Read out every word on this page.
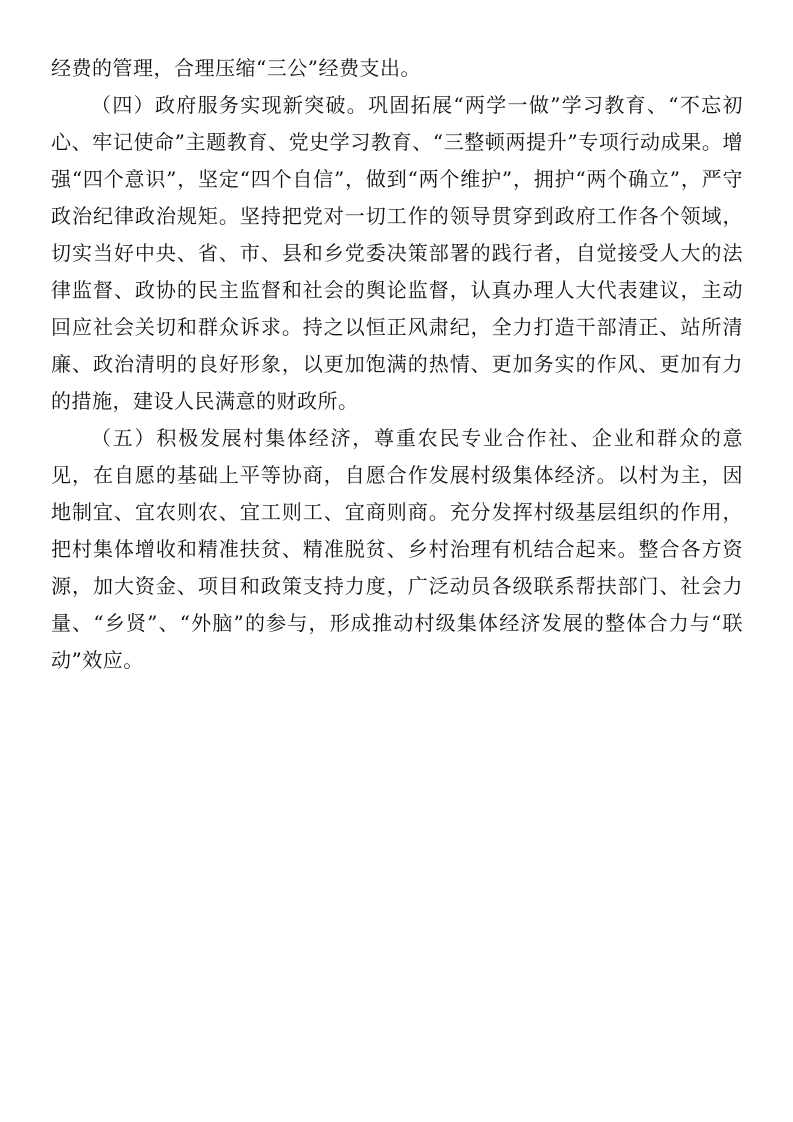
经费的管理，合理压缩“三公”经费支出。

（四）政府服务实现新突破。巩固拓展“两学一做”学习教育、“不忘初心、牢记使命”主题教育、党史学习教育、“三整顿两提升”专项行动成果。增强“四个意识”，坚定“四个自信”，做到“两个维护”，拥护“两个确立”，严守政治纪律政治规矩。坚持把党对一切工作的领导贯穿到政府工作各个领域，切实当好中央、省、市、县和乡党委决策部署的践行者，自觉接受人大的法律监督、政协的民主监督和社会的舆论监督，认真办理人大代表建议，主动回应社会关切和群众诉求。持之以恒正风肃纪，全力打造干部清正、站所清廉、政治清明的良好形象，以更加饱满的热情、更加务实的作风、更加有力的措施，建设人民满意的财政所。

（五）积极发展村集体经济，尊重农民专业合作社、企业和群众的意见，在自愿的基础上平等协商，自愿合作发展村级集体经济。以村为主，因地制宜、宜农则农、宜工则工、宜商则商。充分发挥村级基层组织的作用，把村集体增收和精准扶贫、精准脱贫、乡村治理有机结合起来。整合各方资源，加大资金、项目和政策支持力度，广泛动员各级联系帮扶部门、社会力量、“乡贤”、“外脑”的参与，形成推动村级集体经济发展的整体合力与“联动”效应。
